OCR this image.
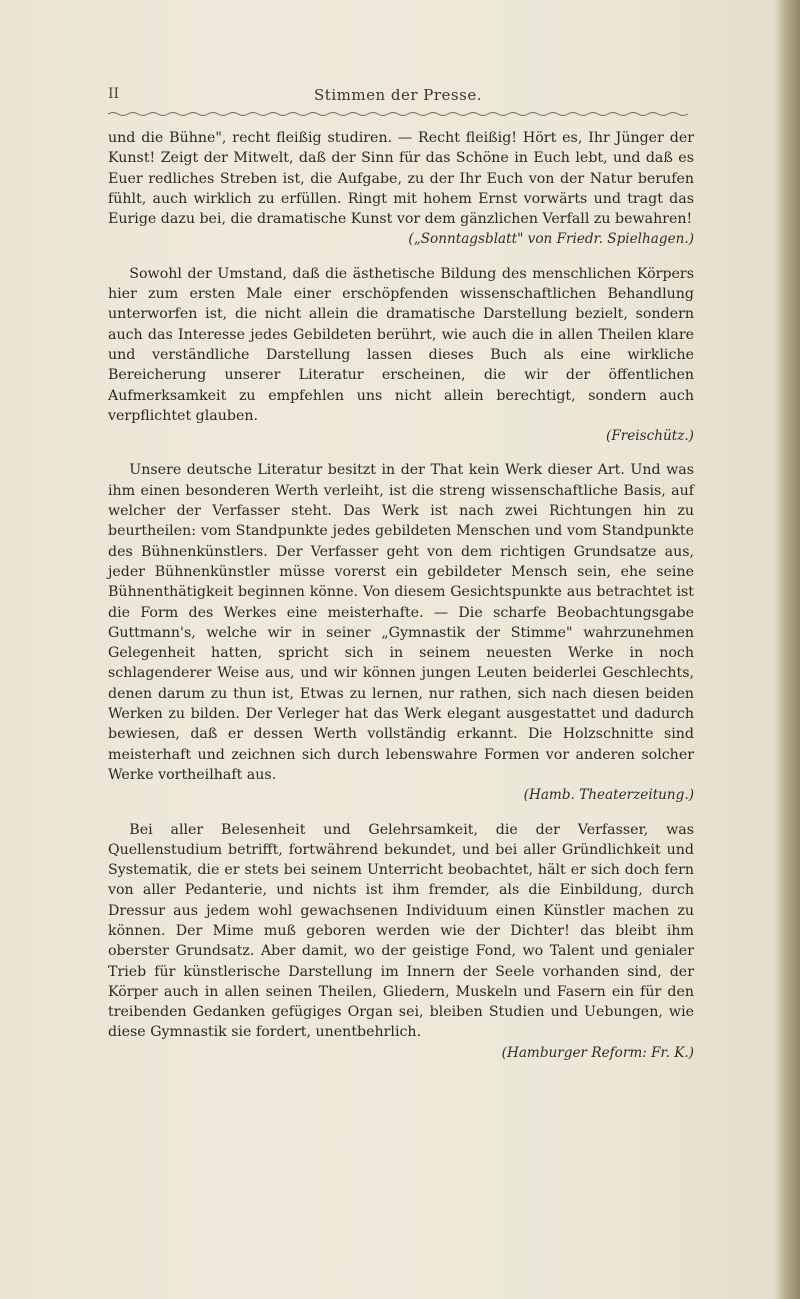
II	Stimmen der Presse.

und die Bühne", recht fleißig studiren. — Recht fleißig! Hört es, Ihr Jünger der Kunst! Zeigt der Mitwelt, daß der Sinn für das Schöne in Euch lebt, und daß es Euer redliches Streben ist, die Aufgabe, zu der Ihr Euch von der Natur berufen fühlt, auch wirklich zu erfüllen. Ringt mit hohem Ernst vorwärts und tragt das Eurige dazu bei, die dramatische Kunst vor dem gänzlichen Verfall zu bewahren!

(„Sonntagsblatt" von Friedr. Spielhagen.)

Sowohl der Umstand, daß die ästhetische Bildung des menschlichen Körpers hier zum ersten Male einer erschöpfenden wissenschaftlichen Behandlung unterworfen ist, die nicht allein die dramatische Darstellung bezielt, sondern auch das Interesse jedes Gebildeten berührt, wie auch die in allen Theilen klare und verständliche Darstellung lassen dieses Buch als eine wirkliche Bereicherung unserer Literatur erscheinen, die wir der öffentlichen Aufmerksamkeit zu empfehlen uns nicht allein berechtigt, sondern auch verpflichtet glauben.

(Freischütz.)

Unsere deutsche Literatur besitzt in der That kein Werk dieser Art. Und was ihm einen besonderen Werth verleiht, ist die streng wissenschaftliche Basis, auf welcher der Verfasser steht. Das Werk ist nach zwei Richtungen hin zu beurtheilen: vom Standpunkte jedes gebildeten Menschen und vom Standpunkte des Bühnenkünstlers. Der Verfasser geht von dem richtigen Grundsatze aus, jeder Bühnenkünstler müsse vorerst ein gebildeter Mensch sein, ehe seine Bühnenthätigkeit beginnen könne. Von diesem Gesichtspunkte aus betrachtet ist die Form des Werkes eine meisterhafte. — Die scharfe Beobachtungsgabe Guttmann's, welche wir in seiner „Gymnastik der Stimme" wahrzunehmen Gelegenheit hatten, spricht sich in seinem neuesten Werke in noch schlagenderer Weise aus, und wir können jungen Leuten beiderlei Geschlechts, denen darum zu thun ist, Etwas zu lernen, nur rathen, sich nach diesen beiden Werken zu bilden. Der Verleger hat das Werk elegant ausgestattet und dadurch bewiesen, daß er dessen Werth vollständig erkannt. Die Holzschnitte sind meisterhaft und zeichnen sich durch lebenswahre Formen vor anderen solcher Werke vortheilhaft aus.

(Hamb. Theaterzeitung.)

Bei aller Belesenheit und Gelehrsamkeit, die der Verfasser, was Quellenstudium betrifft, fortwährend bekundet, und bei aller Gründlichkeit und Systematik, die er stets bei seinem Unterricht beobachtet, hält er sich doch fern von aller Pedanterie, und nichts ist ihm fremder, als die Einbildung, durch Dressur aus jedem wohl gewachsenen Individuum einen Künstler machen zu können. Der Mime muß geboren werden wie der Dichter! das bleibt ihm oberster Grundsatz. Aber damit, wo der geistige Fond, wo Talent und genialer Trieb für künstlerische Darstellung im Innern der Seele vorhanden sind, der Körper auch in allen seinen Theilen, Gliedern, Muskeln und Fasern ein für den treibenden Gedanken gefügiges Organ sei, bleiben Studien und Uebungen, wie diese Gymnastik sie fordert, unentbehrlich.

(Hamburger Reform: Fr. K.)
